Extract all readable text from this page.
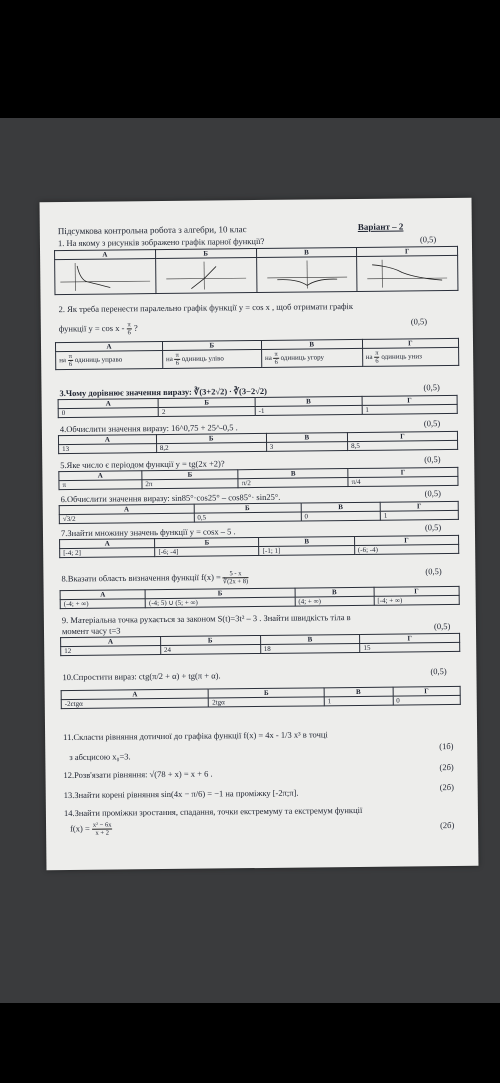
Підсумкова контрольна робота з алгебри, 10 клас	Варіант – 2
1. На якому з рисунків зображено графік парної функції?	(0,5)
А	Б	В	Г

2. Як треба перенести паралельно графік функції y = cos x , щоб отримати графік
функції $y = \cos x - \frac{\pi}{6}$ ?
(0,5)
А	Б	В	Г
на $\frac{\pi}{6}$ одиниць управо	на $\frac{\pi}{6}$ одиниць уліво	на $\frac{\pi}{6}$ одиниць угору	на $\frac{\pi}{6}$ одиниць униз
3.Чому дорівнює значення виразу: ∛(3+2√2) ∙ ∛(3−2√2)	(0,5)
А	Б	В	Г
0	2	-1	1
4.Обчислити значення виразу: 16^0,75 + 25^-0,5 .	(0,5)
А	Б	В	Г
13	8,2	3	8,5
5.Яке число є періодом функції y = tg(2x +2)?	(0,5)
А	Б	В	Г
π	2π	π/2	π/4
6.Обчислити значення виразу: sin85°·cos25° – cos85°· sin25°.	(0,5)
А	Б	В	Г
√3/2	0,5	0	1
7.Знайти множину значень функції y = cosx – 5 .	(0,5)
А	Б	В	Г
[-4; 2]	[-6; -4]	[-1; 1]	(-6; -4)
8.Вказати область визначення функції $f(x) = \frac{5 - x}{∛(2x + 8)}$	(0,5)
А	Б	В	Г
(-4; + ∞)	(-4; 5) ∪ (5; + ∞)	(4; + ∞)	[-4; + ∞)
9. Матеріальна точка рухається за законом S(t)=3t² – 3 . Знайти швидкість тіла в
момент часу t=3	(0,5)
А	Б	В	Г
12	24	18	15
10.Спростити вираз: ctg(π/2 + α) + tg(π + α).	(0,5)
А	Б	В	Г
-2ctgα	2tgα	1	0
11.Скласти рівняння дотичної до графіка функції f(x) = 4x - 1/3 x³ в точці
з абсцисою x₀=3.
(1б)
12.Розв'язати рівняння: √(78 + x) = x + 6 .
(2б)
13.Знайти корені рівняння sin(4x − π/6) = −1 на проміжку [-2π;π].
(2б)
14.Знайти проміжки зростання, спадання, точки екстремуму та екстремум функції
$f(x) = \frac{\text{x² − 6x}}{x + 2}$	(2б)
